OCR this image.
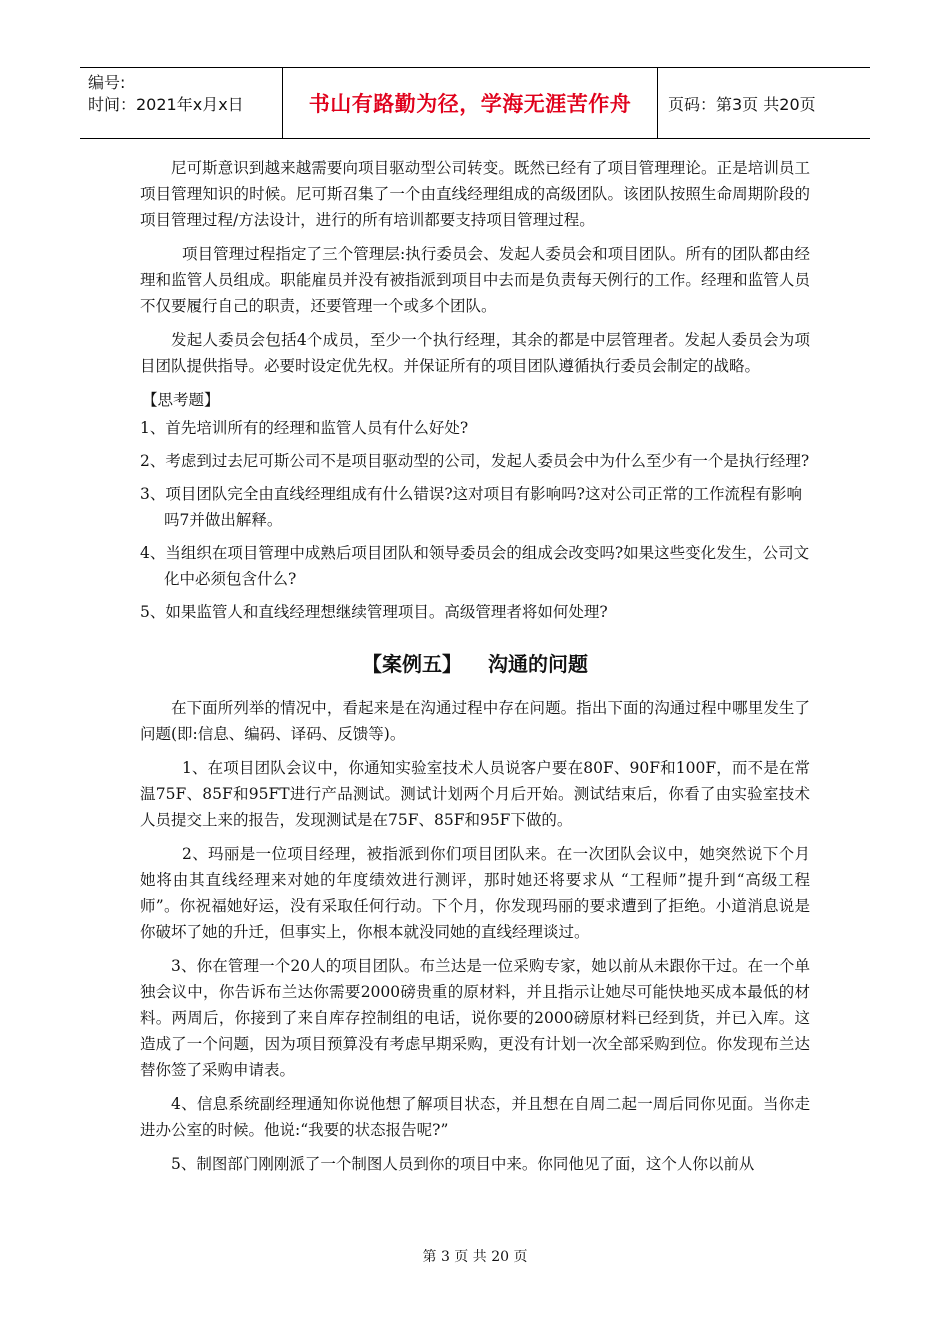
编号:
时间：2021年x月x日	书山有路勤为径，学海无涯苦作舟	页码：第3页 共20页

尼可斯意识到越来越需要向项目驱动型公司转变。既然已经有了项目管理理论。正是培训员工项目管理知识的时候。尼可斯召集了一个由直线经理组成的高级团队。该团队按照生命周期阶段的项目管理过程/方法设计，进行的所有培训都要支持项目管理过程。

项目管理过程指定了三个管理层:执行委员会、发起人委员会和项目团队。所有的团队都由经理和监管人员组成。职能雇员并没有被指派到项目中去而是负责每天例行的工作。经理和监管人员不仅要履行自己的职责，还要管理一个或多个团队。

发起人委员会包括4个成员，至少一个执行经理，其余的都是中层管理者。发起人委员会为项目团队提供指导。必要时设定优先权。并保证所有的项目团队遵循执行委员会制定的战略。

【思考题】

1、首先培训所有的经理和监管人员有什么好处?

2、考虑到过去尼可斯公司不是项目驱动型的公司，发起人委员会中为什么至少有一个是执行经理?

3、项目团队完全由直线经理组成有什么错误?这对项目有影响吗?这对公司正常的工作流程有影响吗7并做出解释。

4、当组织在项目管理中成熟后项目团队和领导委员会的组成会改变吗?如果这些变化发生，公司文化中必须包含什么?

5、如果监管人和直线经理想继续管理项目。高级管理者将如何处理?

【案例五】 沟通的问题

在下面所列举的情况中，看起来是在沟通过程中存在问题。指出下面的沟通过程中哪里发生了问题(即:信息、编码、译码、反馈等)。

1、在项目团队会议中，你通知实验室技术人员说客户要在80F、90F和100F，而不是在常温75F、85F和95FT进行产品测试。测试计划两个月后开始。测试结束后，你看了由实验室技术人员提交上来的报告，发现测试是在75F、85F和95F下做的。

2、玛丽是一位项目经理，被指派到你们项目团队来。在一次团队会议中，她突然说下个月她将由其直线经理来对她的年度绩效进行测评，那时她还将要求从 “工程师”提升到“高级工程师”。你祝福她好运，没有采取任何行动。下个月，你发现玛丽的要求遭到了拒绝。小道消息说是你破坏了她的升迁，但事实上，你根本就没同她的直线经理谈过。

3、你在管理一个20人的项目团队。布兰达是一位采购专家，她以前从未跟你干过。在一个单独会议中，你告诉布兰达你需要2000磅贵重的原材料，并且指示让她尽可能快地买成本最低的材料。两周后，你接到了来自库存控制组的电话，说你要的2000磅原材料已经到货，并已入库。这造成了一个问题，因为项目预算没有考虑早期采购，更没有计划一次全部采购到位。你发现布兰达替你签了采购申请表。

4、信息系统副经理通知你说他想了解项目状态，并且想在自周二起一周后同你见面。当你走进办公室的时候。他说:“我要的状态报告呢?”

5、制图部门刚刚派了一个制图人员到你的项目中来。你同他见了面，这个人你以前从

第 3 页 共 20 页
